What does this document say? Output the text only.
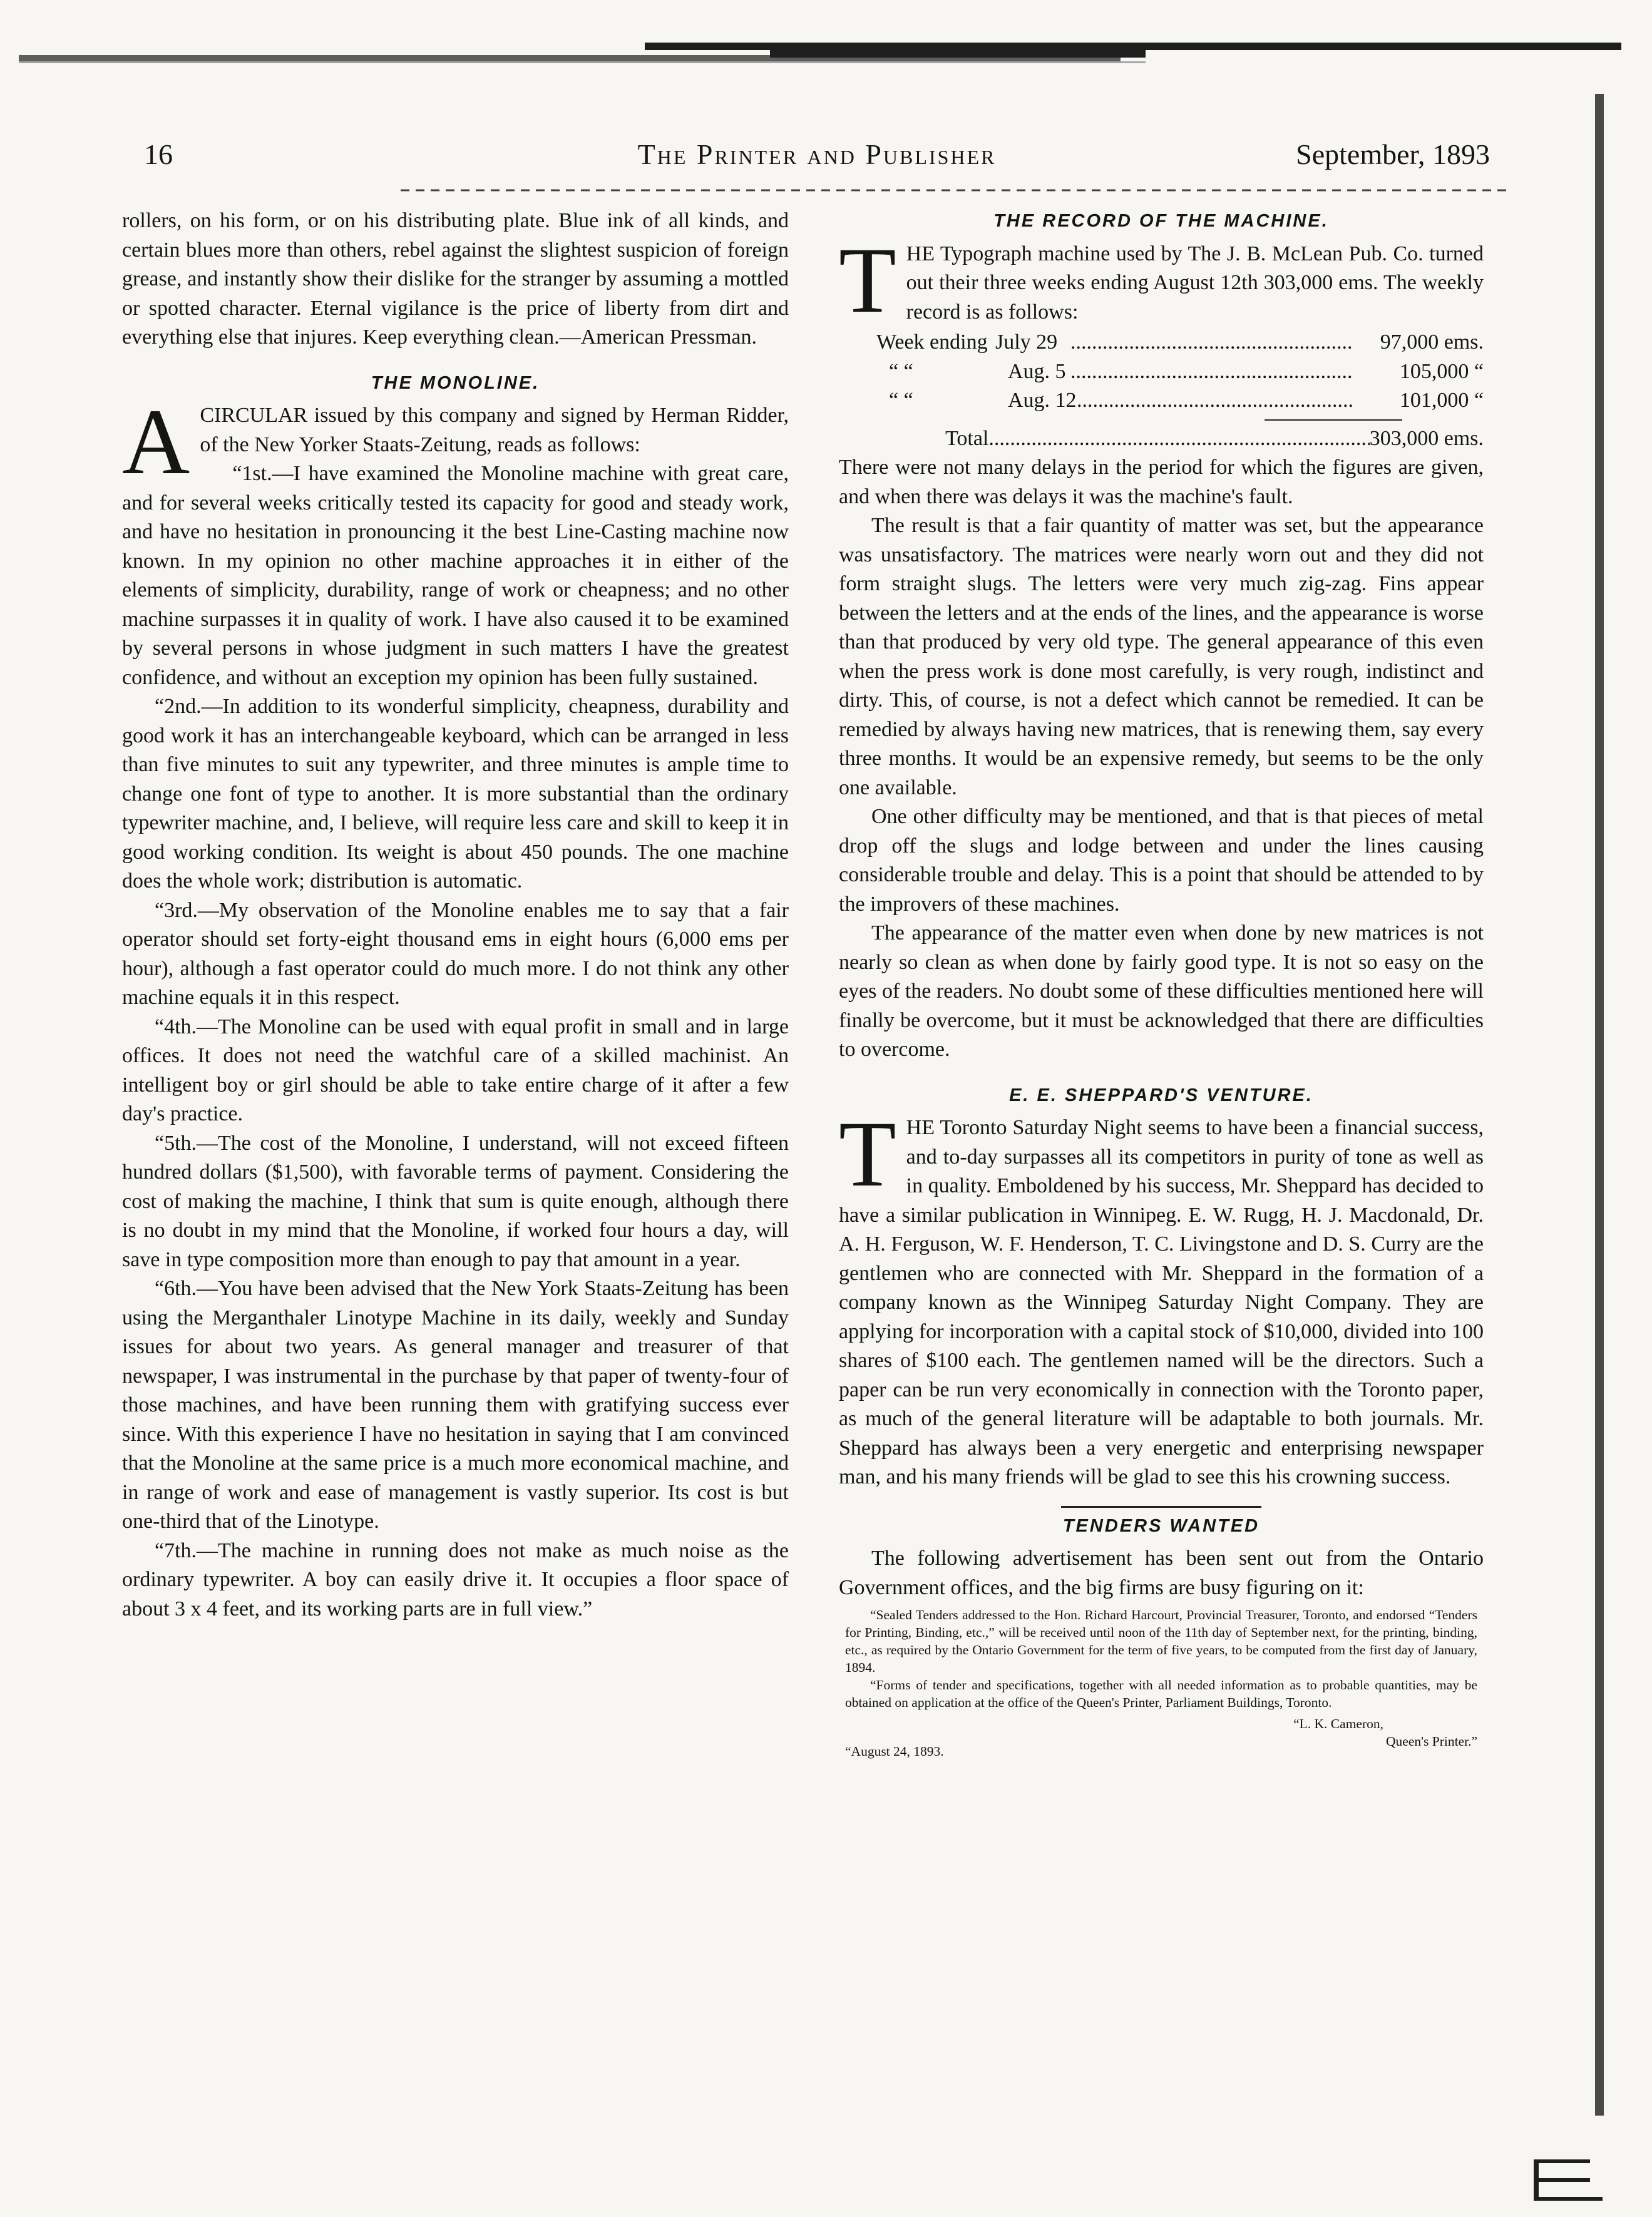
16	The Printer and Publisher	September, 1893

rollers, on his form, or on his distributing plate. Blue ink of all kinds, and certain blues more than others, rebel against the slightest suspicion of foreign grease, and instantly show their dislike for the stranger by assuming a mottled or spotted character. Eternal vigilance is the price of liberty from dirt and everything else that injures. Keep everything clean.—American Pressman.

THE MONOLINE.

ACIRCULAR issued by this company and signed by Herman Ridder, of the New Yorker Staats-Zeitung, reads as follows:

“1st.—I have examined the Monoline machine with great care, and for several weeks critically tested its capacity for good and steady work, and have no hesitation in pronouncing it the best Line-Casting machine now known. In my opinion no other machine approaches it in either of the elements of simplicity, durability, range of work or cheapness; and no other machine surpasses it in quality of work. I have also caused it to be examined by several persons in whose judgment in such matters I have the greatest confidence, and without an exception my opinion has been fully sustained.

“2nd.—In addition to its wonderful simplicity, cheapness, durability and good work it has an interchangeable keyboard, which can be arranged in less than five minutes to suit any typewriter, and three minutes is ample time to change one font of type to another. It is more substantial than the ordinary typewriter machine, and, I believe, will require less care and skill to keep it in good working condition. Its weight is about 450 pounds. The one machine does the whole work; distribution is automatic.

“3rd.—My observation of the Monoline enables me to say that a fair operator should set forty-eight thousand ems in eight hours (6,000 ems per hour), although a fast operator could do much more. I do not think any other machine equals it in this respect.

“4th.—The Monoline can be used with equal profit in small and in large offices. It does not need the watchful care of a skilled machinist. An intelligent boy or girl should be able to take entire charge of it after a few day's practice.

“5th.—The cost of the Monoline, I understand, will not exceed fifteen hundred dollars ($1,500), with favorable terms of payment. Considering the cost of making the machine, I think that sum is quite enough, although there is no doubt in my mind that the Monoline, if worked four hours a day, will save in type composition more than enough to pay that amount in a year.

“6th.—You have been advised that the New York Staats-Zeitung has been using the Merganthaler Linotype Machine in its daily, weekly and Sunday issues for about two years. As general manager and treasurer of that newspaper, I was instrumental in the purchase by that paper of twenty-four of those machines, and have been running them with gratifying success ever since. With this experience I have no hesitation in saying that I am convinced that the Monoline at the same price is a much more economical machine, and in range of work and ease of management is vastly superior. Its cost is but one-third that of the Linotype.

“7th.—The machine in running does not make as much noise as the ordinary typewriter. A boy can easily drive it. It occupies a floor space of about 3 x 4 feet, and its working parts are in full view.”

THE RECORD OF THE MACHINE.

THE Typograph machine used by The J. B. McLean Pub. Co. turned out their three weeks ending August 12th 303,000 ems. The weekly record is as follows:

Week ending July 29 .....	97,000 ems.
“ “	Aug. 5 .....	105,000 “
“ “	Aug. 12 .....	101,000 “
Total .....	303,000 ems.

There were not many delays in the period for which the figures are given, and when there was delays it was the machine's fault.

The result is that a fair quantity of matter was set, but the appearance was unsatisfactory. The matrices were nearly worn out and they did not form straight slugs. The letters were very much zig-zag. Fins appear between the letters and at the ends of the lines, and the appearance is worse than that produced by very old type. The general appearance of this even when the press work is done most carefully, is very rough, indistinct and dirty. This, of course, is not a defect which cannot be remedied. It can be remedied by always having new matrices, that is renewing them, say every three months. It would be an expensive remedy, but seems to be the only one available.

One other difficulty may be mentioned, and that is that pieces of metal drop off the slugs and lodge between and under the lines causing considerable trouble and delay. This is a point that should be attended to by the improvers of these machines.

The appearance of the matter even when done by new matrices is not nearly so clean as when done by fairly good type. It is not so easy on the eyes of the readers. No doubt some of these difficulties mentioned here will finally be overcome, but it must be acknowledged that there are difficulties to overcome.

E. E. SHEPPARD'S VENTURE.

THE Toronto Saturday Night seems to have been a financial success, and to-day surpasses all its competitors in purity of tone as well as in quality. Emboldened by his success, Mr. Sheppard has decided to have a similar publication in Winnipeg. E. W. Rugg, H. J. Macdonald, Dr. A. H. Ferguson, W. F. Henderson, T. C. Livingstone and D. S. Curry are the gentlemen who are connected with Mr. Sheppard in the formation of a company known as the Winnipeg Saturday Night Company. They are applying for incorporation with a capital stock of $10,000, divided into 100 shares of $100 each. The gentlemen named will be the directors. Such a paper can be run very economically in connection with the Toronto paper, as much of the general literature will be adaptable to both journals. Mr. Sheppard has always been a very energetic and enterprising newspaper man, and his many friends will be glad to see this his crowning success.

TENDERS WANTED

The following advertisement has been sent out from the Ontario Government offices, and the big firms are busy figuring on it:

“Sealed Tenders addressed to the Hon. Richard Harcourt, Provincial Treasurer, Toronto, and endorsed “Tenders for Printing, Binding, etc.,” will be received until noon of the 11th day of September next, for the printing, binding, etc., as required by the Ontario Government for the term of five years, to be computed from the first day of January, 1894.

“Forms of tender and specifications, together with all needed information as to probable quantities, may be obtained on application at the office of the Queen's Printer, Parliament Buildings, Toronto.

“August 24, 1893.
“L. K. Cameron,
Queen's Printer.”
